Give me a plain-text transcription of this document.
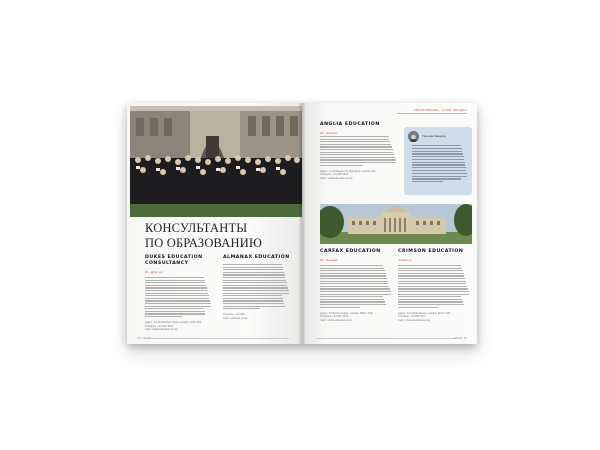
КОНСУЛЬТАНТЫ
ПО ОБРАЗОВАНИЮ
DUKES EDUCATION CONSULTANCY
W., Дукс.ру
Адрес: 14-18 Wandsor Place, London, W10 4SX
Телефон: +44 020 3553
Сайт: dukeseducation.co.uk
ALMANAX EDUCATION
Телефон: +44 020 ...
Сайт: almanax.co.uk
70 СНОБ
ОБРАЗОВАНИЕ | CНОБ.ЛОНДОН
ANGLIA EDUCATION
W., Англия
Адрес: 14-18 Regent St, Bromford, London, W4 ...
Телефон: +44 020 4394
Сайт: angliaeducation.co.uk
Татьяна Зимерхо
CARFAX EDUCATION
W., Лондон
Адрес: 62 Beech Hepbe, London, SW1Y 4LB
Телефон: +44 567 1010
Сайт: carfax-education.com
CRIMSON EDUCATION
Хобыроъ
Адрес: Jerrinfield House, London, EC1Y 4LB
Телефон: +44 800 433
Сайт: crimsoneducation.org
СНОБ 71
